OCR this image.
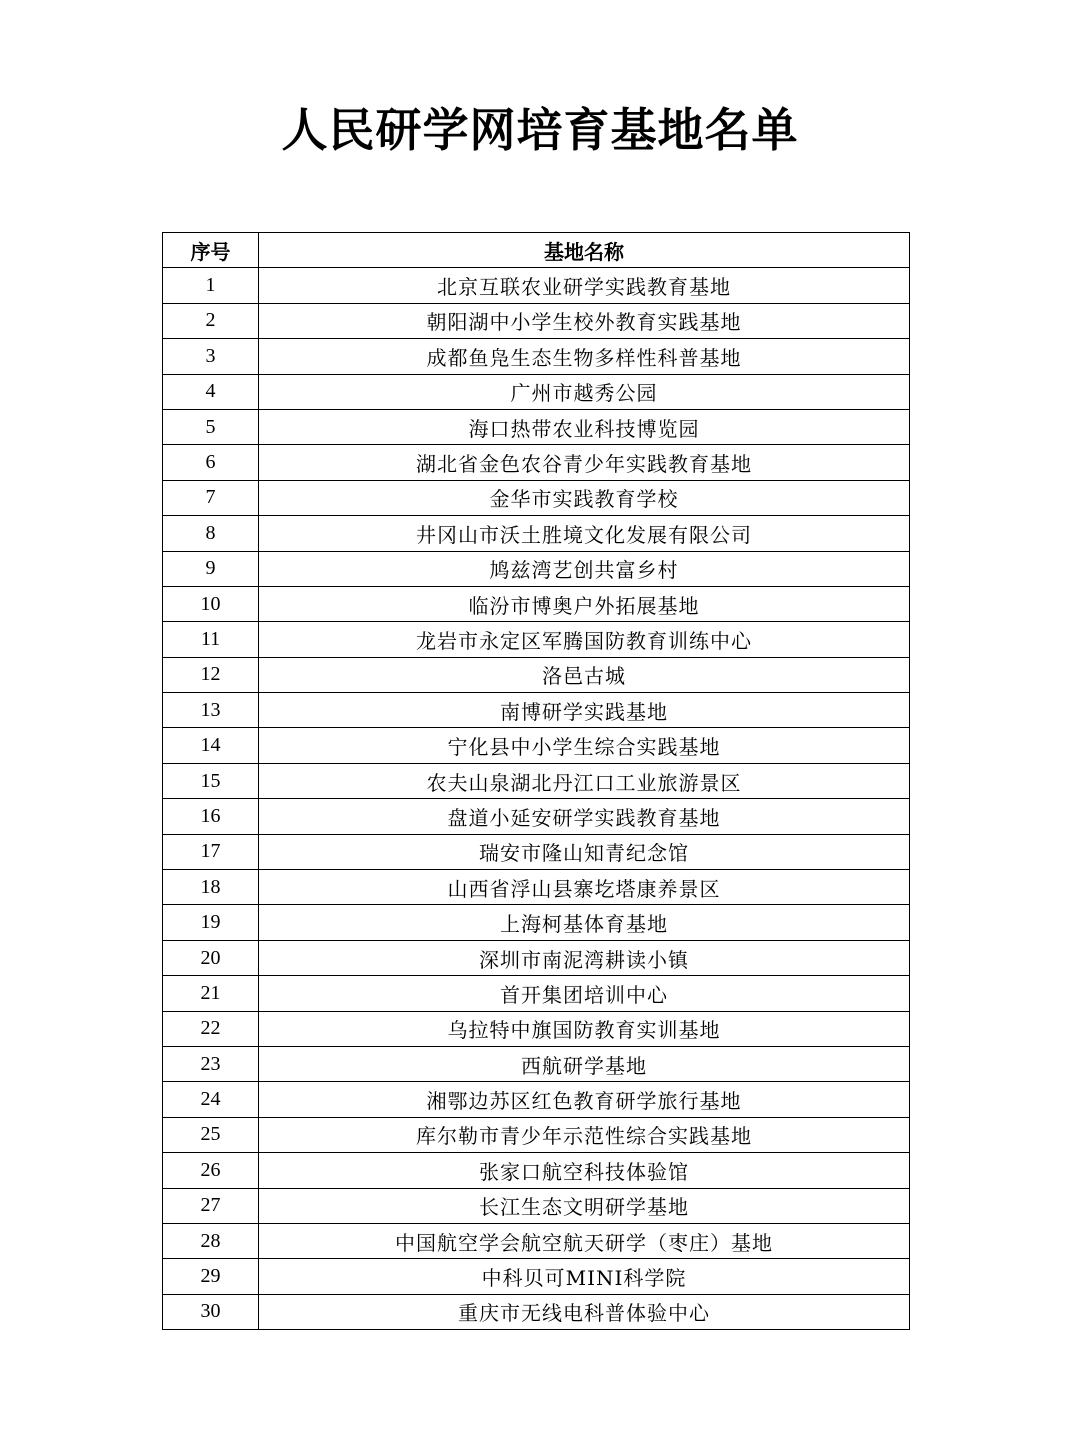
人民研学网培育基地名单
序号	基地名称
1	北京互联农业研学实践教育基地
2	朝阳湖中小学生校外教育实践基地
3	成都鱼凫生态生物多样性科普基地
4	广州市越秀公园
5	海口热带农业科技博览园
6	湖北省金色农谷青少年实践教育基地
7	金华市实践教育学校
8	井冈山市沃土胜境文化发展有限公司
9	鸠兹湾艺创共富乡村
10	临汾市博奥户外拓展基地
11	龙岩市永定区军腾国防教育训练中心
12	洛邑古城
13	南博研学实践基地
14	宁化县中小学生综合实践基地
15	农夫山泉湖北丹江口工业旅游景区
16	盘道小延安研学实践教育基地
17	瑞安市隆山知青纪念馆
18	山西省浮山县寨圪塔康养景区
19	上海柯基体育基地
20	深圳市南泥湾耕读小镇
21	首开集团培训中心
22	乌拉特中旗国防教育实训基地
23	西航研学基地
24	湘鄂边苏区红色教育研学旅行基地
25	库尔勒市青少年示范性综合实践基地
26	张家口航空科技体验馆
27	长江生态文明研学基地
28	中国航空学会航空航天研学（枣庄）基地
29	中科贝可MINI科学院
30	重庆市无线电科普体验中心
